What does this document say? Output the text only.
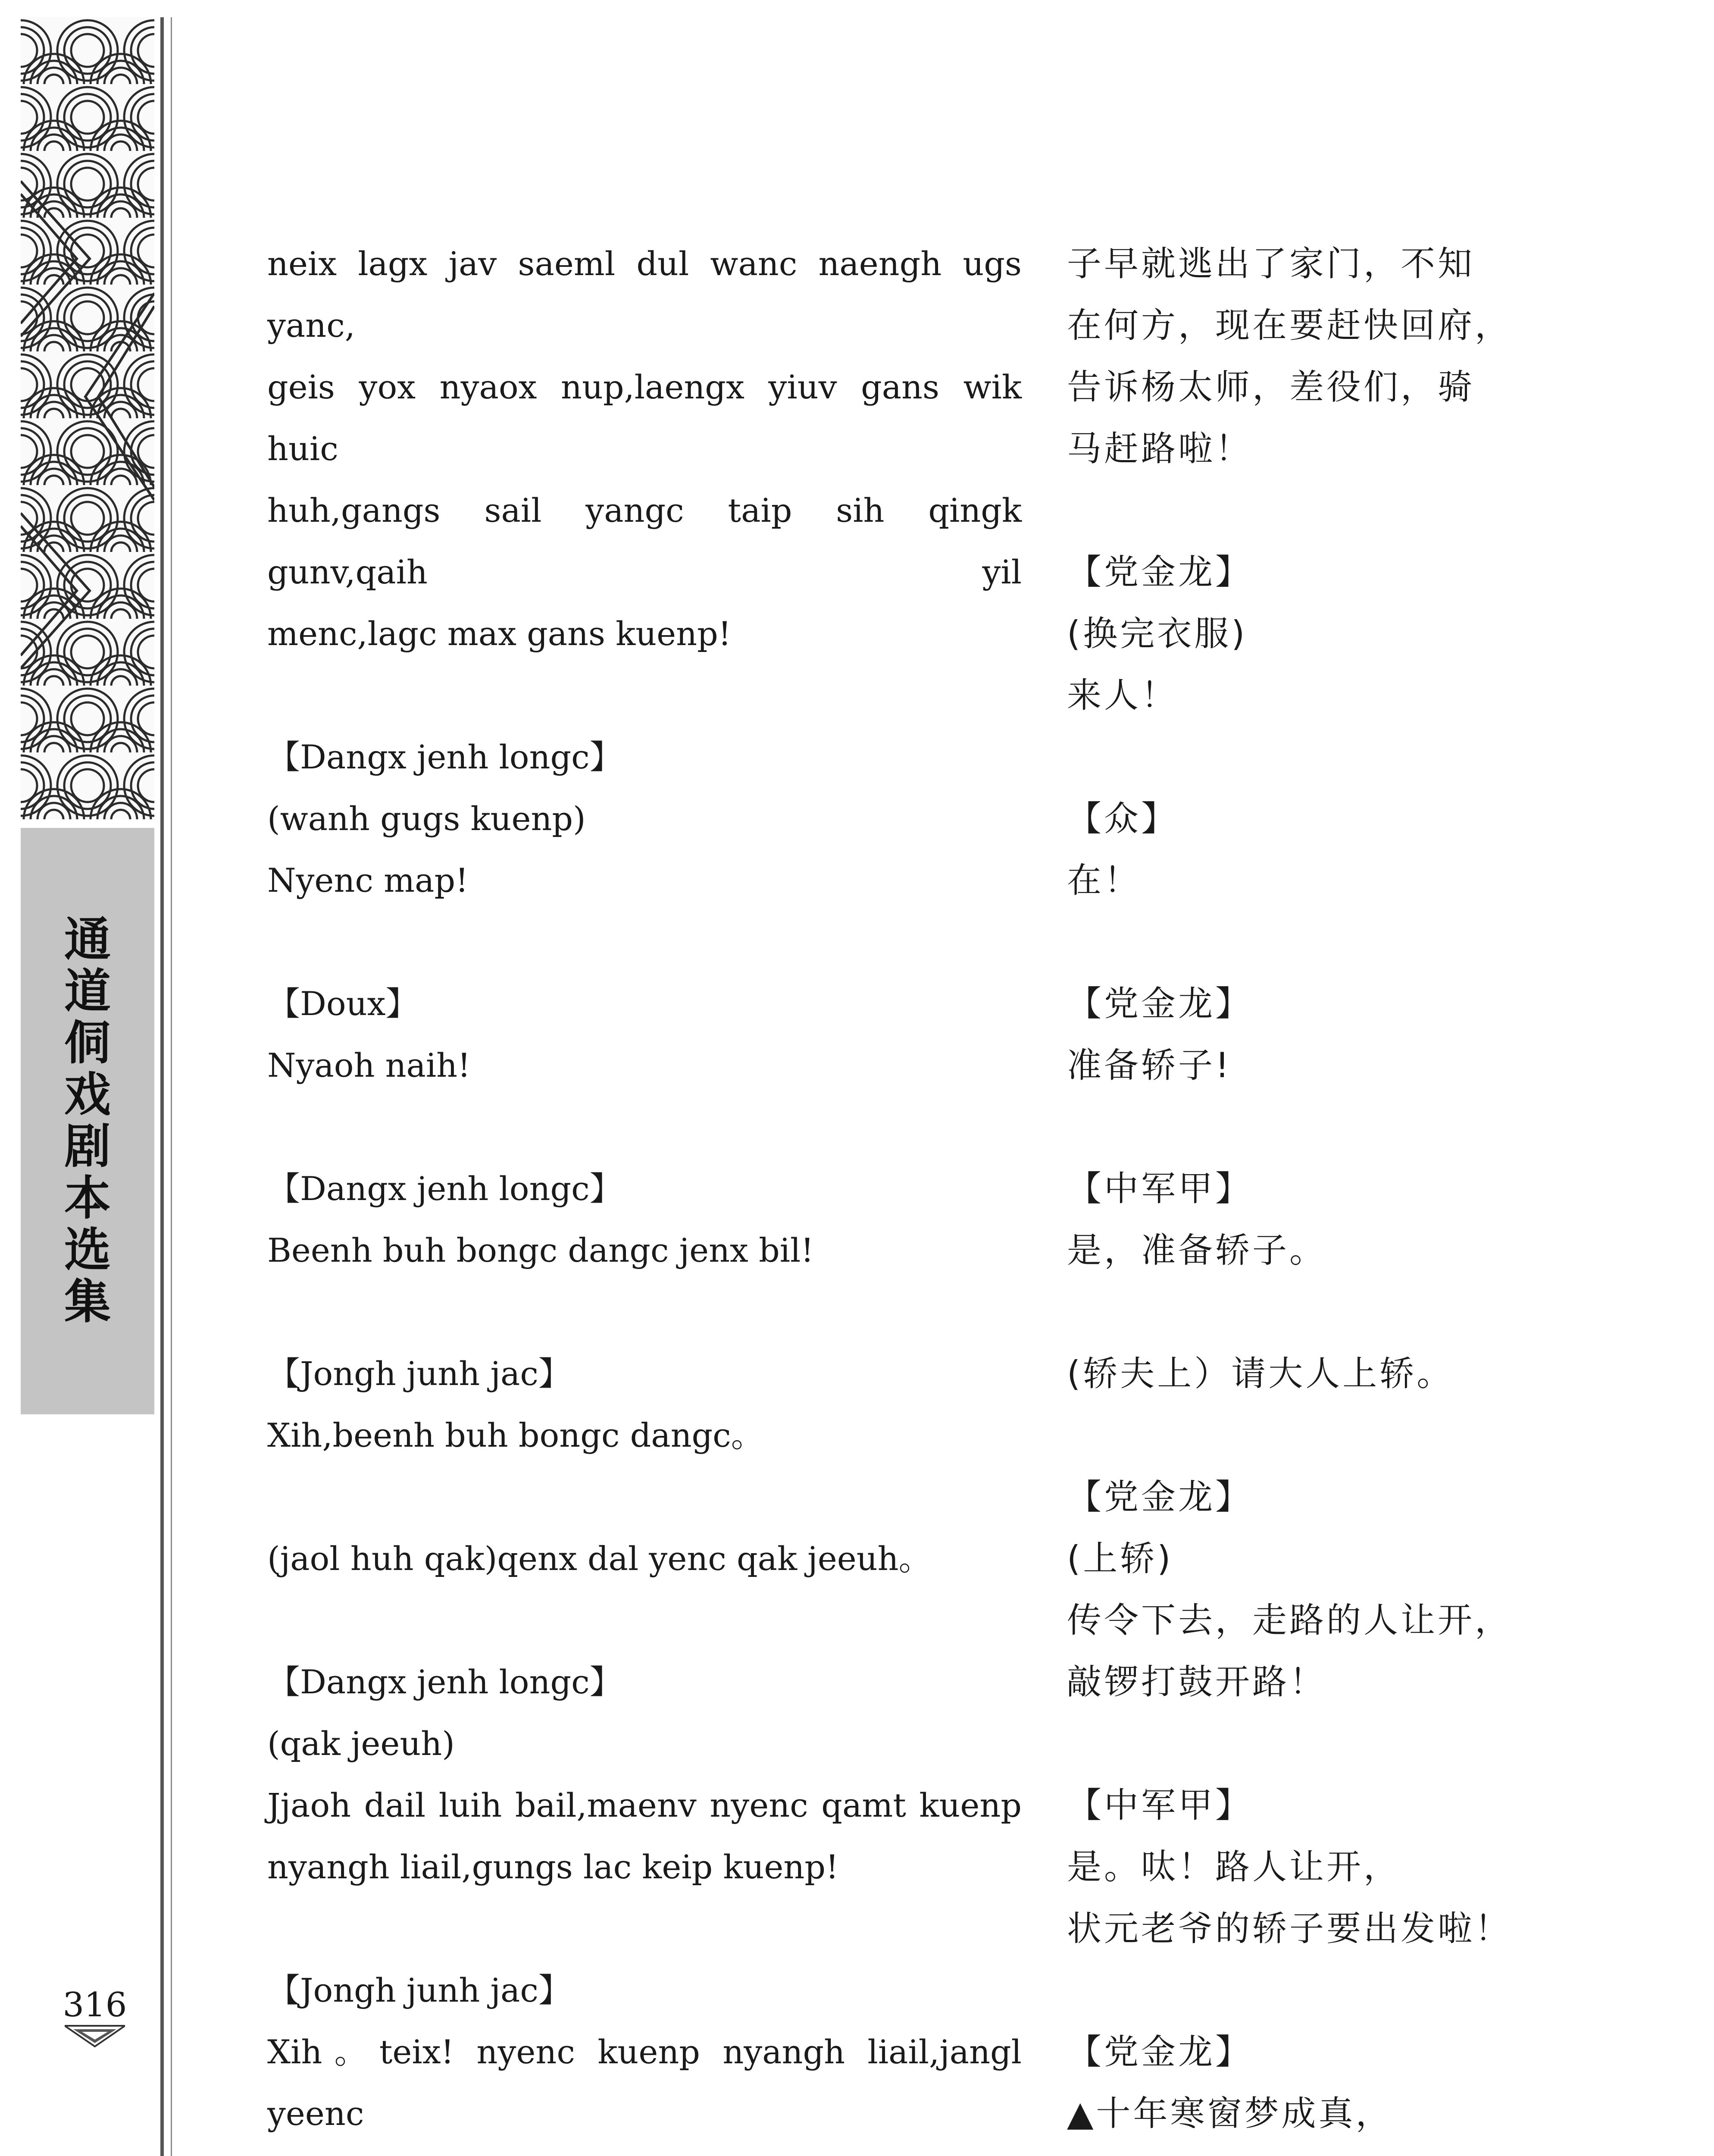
通
道
侗
戏
剧
本
选
集
316
neix lagx jav saeml dul wanc naengh ugs yanc,
geis yox nyaox nup,laengx yiuv gans wik huic
huh,gangs sail yangc taip sih qingk gunv,qaih yil
menc,lagc max gans kuenp!
【Dangx jenh longc】
(wanh gugs kuenp)
Nyenc map!
【Doux】
Nyaoh naih!
【Dangx jenh longc】
Beenh buh bongc dangc jenx bil!
【Jongh junh jac】
Xih,beenh buh bongc dangc。
(jaol huh qak)qenx dal yenc qak jeeuh。
【Dangx jenh longc】
(qak jeeuh)
Jjaoh dail luih bail,maenv nyenc qamt kuenp
nyangh liail,gungs lac keip kuenp!
【Jongh junh jac】
Xih。teix! nyenc kuenp nyangh liail,jangl yeenc
子早就逃出了家门，不知
在何方，现在要赶快回府，
告诉杨太师，差役们，骑
马赶路啦！
【党金龙】
(换完衣服)
来人！
【众】
在！
【党金龙】
准备轿子!
【中军甲】
是，准备轿子。
(轿夫上）请大人上轿。
【党金龙】
(上轿)
传令下去，走路的人让开，
敲锣打鼓开路！
【中军甲】
是。呔！路人让开，
状元老爷的轿子要出发啦！
【党金龙】
▲十年寒窗梦成真，
